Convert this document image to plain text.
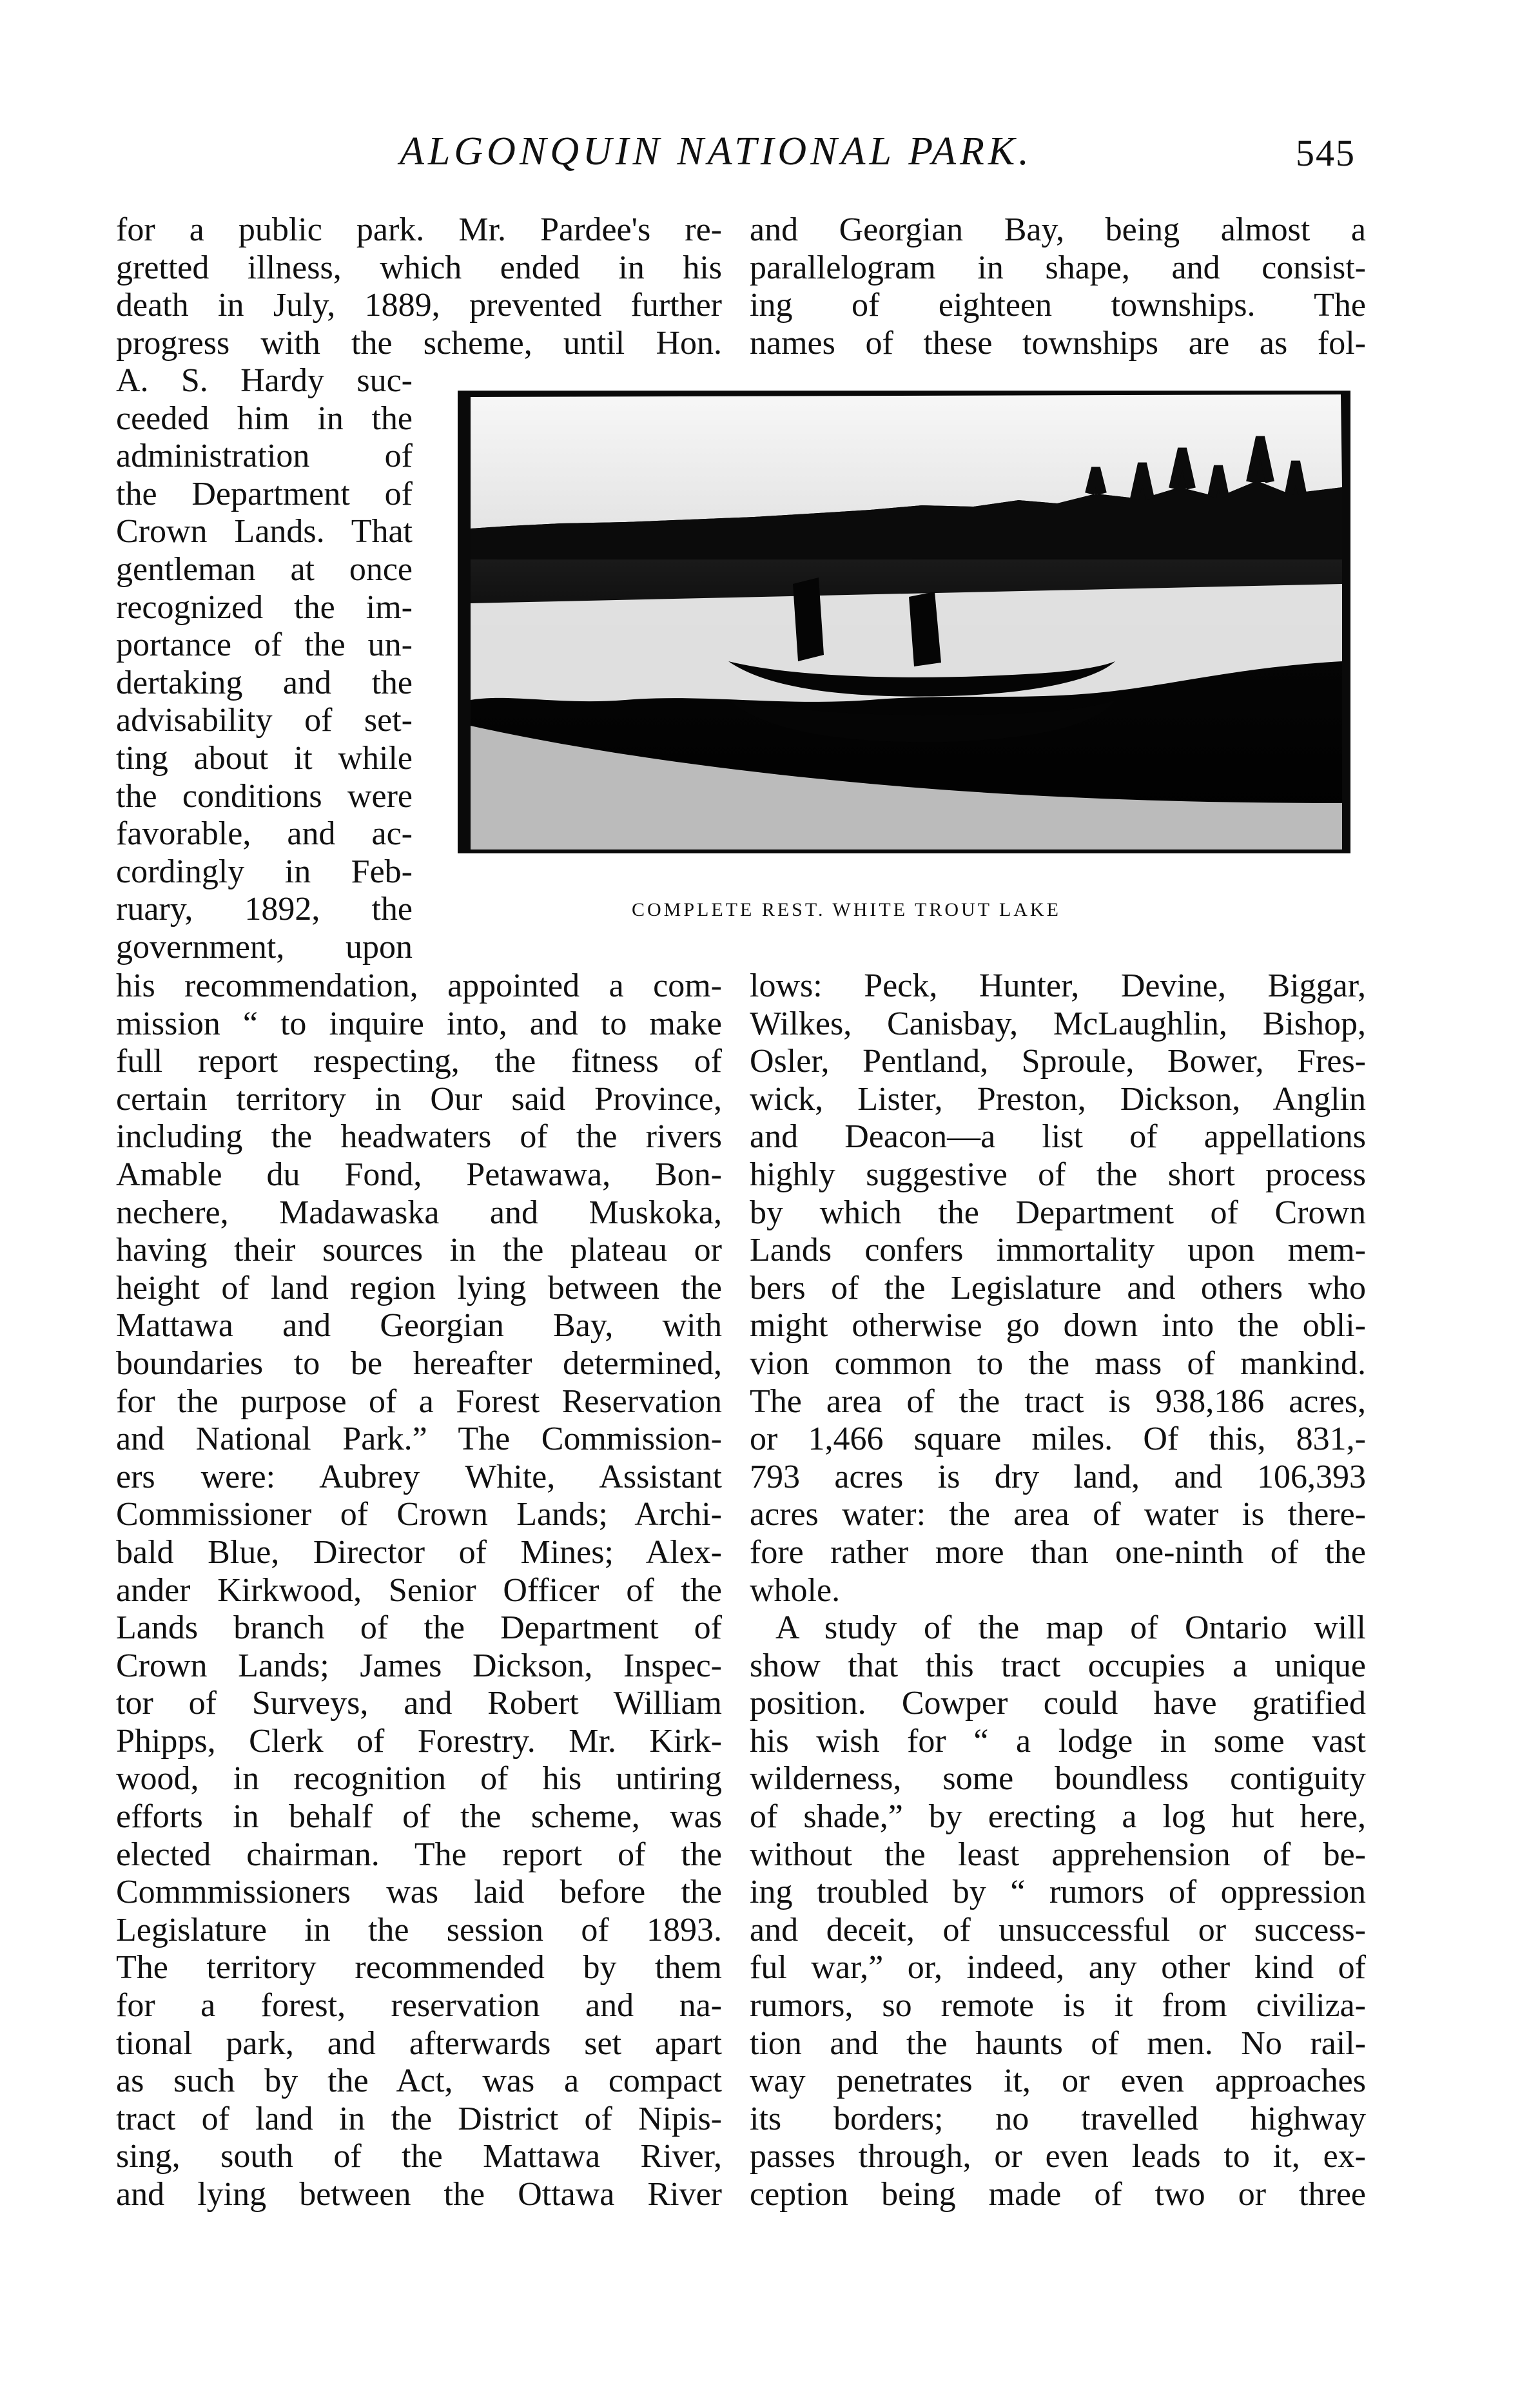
ALGONQUIN NATIONAL PARK.	545
for a public park. Mr. Pardee's re-
gretted illness, which ended in his
death in July, 1889, prevented further
progress with the scheme, until Hon.
A. S. Hardy suc-
ceeded him in the
administration of
the Department of
Crown Lands. That
gentleman at once
recognized the im-
portance of the un-
dertaking and the
advisability of set-
ting about it while
the conditions were
favorable, and ac-
cordingly in Feb-
ruary, 1892, the
government, upon
his recommendation, appointed a com-
mission “ to inquire into, and to make
full report respecting, the fitness of
certain territory in Our said Province,
including the headwaters of the rivers
Amable du Fond, Petawawa, Bon-
nechere, Madawaska and Muskoka,
having their sources in the plateau or
height of land region lying between the
Mattawa and Georgian Bay, with
boundaries to be hereafter determined,
for the purpose of a Forest Reservation
and National Park.” The Commission-
ers were: Aubrey White, Assistant
Commissioner of Crown Lands; Archi-
bald Blue, Director of Mines; Alex-
ander Kirkwood, Senior Officer of the
Lands branch of the Department of
Crown Lands; James Dickson, Inspec-
tor of Surveys, and Robert William
Phipps, Clerk of Forestry. Mr. Kirk-
wood, in recognition of his untiring
efforts in behalf of the scheme, was
elected chairman. The report of the
Commmissioners was laid before the
Legislature in the session of 1893.
The territory recommended by them
for a forest, reservation and na-
tional park, and afterwards set apart
as such by the Act, was a compact
tract of land in the District of Nipis-
sing, south of the Mattawa River,
and lying between the Ottawa River
and Georgian Bay, being almost a
parallelogram in shape, and consist-
ing of eighteen townships. The
names of these townships are as fol-
lows: Peck, Hunter, Devine, Biggar,
Wilkes, Canisbay, McLaughlin, Bishop,
Osler, Pentland, Sproule, Bower, Fres-
wick, Lister, Preston, Dickson, Anglin
and Deacon—a list of appellations
highly suggestive of the short process
by which the Department of Crown
Lands confers immortality upon mem-
bers of the Legislature and others who
might otherwise go down into the obli-
vion common to the mass of mankind.
The area of the tract is 938,186 acres,
or 1,466 square miles. Of this, 831,-
793 acres is dry land, and 106,393
acres water: the area of water is there-
fore rather more than one-ninth of the
whole.
A study of the map of Ontario will
show that this tract occupies a unique
position. Cowper could have gratified
his wish for “ a lodge in some vast
wilderness, some boundless contiguity
of shade,” by erecting a log hut here,
without the least apprehension of be-
ing troubled by “ rumors of oppression
and deceit, of unsuccessful or success-
ful war,” or, indeed, any other kind of
rumors, so remote is it from civiliza-
tion and the haunts of men. No rail-
way penetrates it, or even approaches
its borders; no travelled highway
passes through, or even leads to it, ex-
ception being made of two or three
COMPLETE REST. WHITE TROUT LAKE
